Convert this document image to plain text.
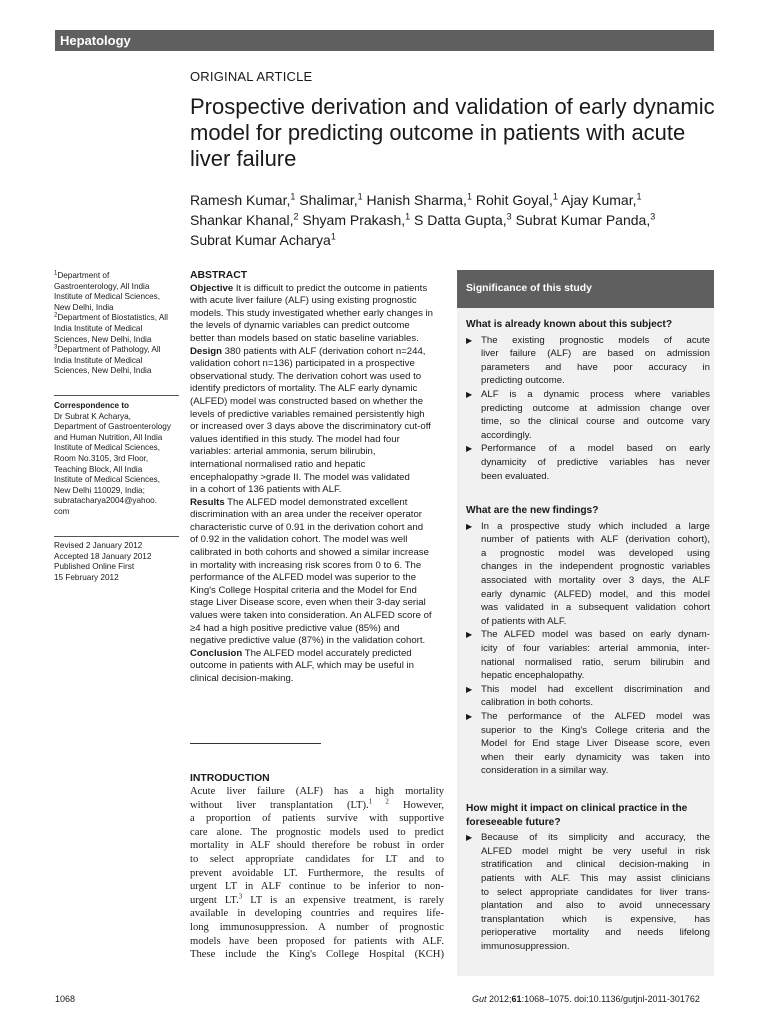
Hepatology
ORIGINAL ARTICLE
Prospective derivation and validation of early dynamic
model for predicting outcome in patients with acute
liver failure
Ramesh Kumar,$^1$ Shalimar,$^1$ Hanish Sharma,$^1$ Rohit Goyal,$^1$ Ajay Kumar,$^1$
Shankar Khanal,$^2$ Shyam Prakash,$^1$ S Datta Gupta,$^3$ Subrat Kumar Panda,$^3$
Subrat Kumar Acharya$^1$
$^1$Department of
Gastroenterology, All India
Institute of Medical Sciences,
New Delhi, India
$^2$Department of Biostatistics, All
India Institute of Medical
Sciences, New Delhi, India
$^3$Department of Pathology, All
India Institute of Medical
Sciences, New Delhi, India
Correspondence to
Dr Subrat K Acharya,
Department of Gastroenterology
and Human Nutrition, All India
Institute of Medical Sciences,
Room No.3105, 3rd Floor,
Teaching Block, All India
Institute of Medical Sciences,
New Delhi 110029, India;
subratacharya2004@yahoo.
com
Revised 2 January 2012
Accepted 18 January 2012
Published Online First
15 February 2012
ABSTRACT
Objective It is difficult to predict the outcome in patients
with acute liver failure (ALF) using existing prognostic
models. This study investigated whether early changes in
the levels of dynamic variables can predict outcome
better than models based on static baseline variables.
Design 380 patients with ALF (derivation cohort n=244,
validation cohort n=136) participated in a prospective
observational study. The derivation cohort was used to
identify predictors of mortality. The ALF early dynamic
(ALFED) model was constructed based on whether the
levels of predictive variables remained persistently high
or increased over 3 days above the discriminatory cut-off
values identified in this study. The model had four
variables: arterial ammonia, serum bilirubin,
international normalised ratio and hepatic
encephalopathy >grade II. The model was validated
in a cohort of 136 patients with ALF.
Results The ALFED model demonstrated excellent
discrimination with an area under the receiver operator
characteristic curve of 0.91 in the derivation cohort and
of 0.92 in the validation cohort. The model was well
calibrated in both cohorts and showed a similar increase
in mortality with increasing risk scores from 0 to 6. The
performance of the ALFED model was superior to the
King's College Hospital criteria and the Model for End
stage Liver Disease score, even when their 3-day serial
values were taken into consideration. An ALFED score of
≥4 had a high positive predictive value (85%) and
negative predictive value (87%) in the validation cohort.
Conclusion The ALFED model accurately predicted
outcome in patients with ALF, which may be useful in
clinical decision-making.
INTRODUCTION
Acute liver failure (ALF) has a high mortality
without liver transplantation (LT).$^{1 2}$ However,
a proportion of patients survive with supportive
care alone. The prognostic models used to predict
mortality in ALF should therefore be robust in order
to select appropriate candidates for LT and to
prevent avoidable LT. Furthermore, the results of
urgent LT in ALF continue to be inferior to non-
urgent LT.$^3$ LT is an expensive treatment, is rarely
available in developing countries and requires life-
long immunosuppression. A number of prognostic
models have been proposed for patients with ALF.
These include the King's College Hospital (KCH)
Significance of this study
What is already known about this subject?
▶ The existing prognostic models of acute
liver failure (ALF) are based on admission
parameters and have poor accuracy in
predicting outcome.
▶ ALF is a dynamic process where variables
predicting outcome at admission change over
time, so the clinical course and outcome vary
accordingly.
▶ Performance of a model based on early
dynamicity of predictive variables has never
been evaluated.
What are the new findings?
▶ In a prospective study which included a large
number of patients with ALF (derivation cohort),
a prognostic model was developed using
changes in the independent prognostic variables
associated with mortality over 3 days, the ALF
early dynamic (ALFED) model, and this model
was validated in a subsequent validation cohort
of patients with ALF.
▶ The ALFED model was based on early dynam-
icity of four variables: arterial ammonia, inter-
national normalised ratio, serum bilirubin and
hepatic encephalopathy.
▶ This model had excellent discrimination and
calibration in both cohorts.
▶ The performance of the ALFED model was
superior to the King's College criteria and the
Model for End stage Liver Disease score, even
when their early dynamicity was taken into
consideration in a similar way.
How might it impact on clinical practice in the
foreseeable future?
▶ Because of its simplicity and accuracy, the
ALFED model might be very useful in risk
stratification and clinical decision-making in
patients with ALF. This may assist clinicians
to select appropriate candidates for liver trans-
plantation and also to avoid unnecessary
transplantation which is expensive, has
perioperative mortality and needs lifelong
immunosuppression.
1068	Gut 2012;61:1068–1075. doi:10.1136/gutjnl-2011-301762
